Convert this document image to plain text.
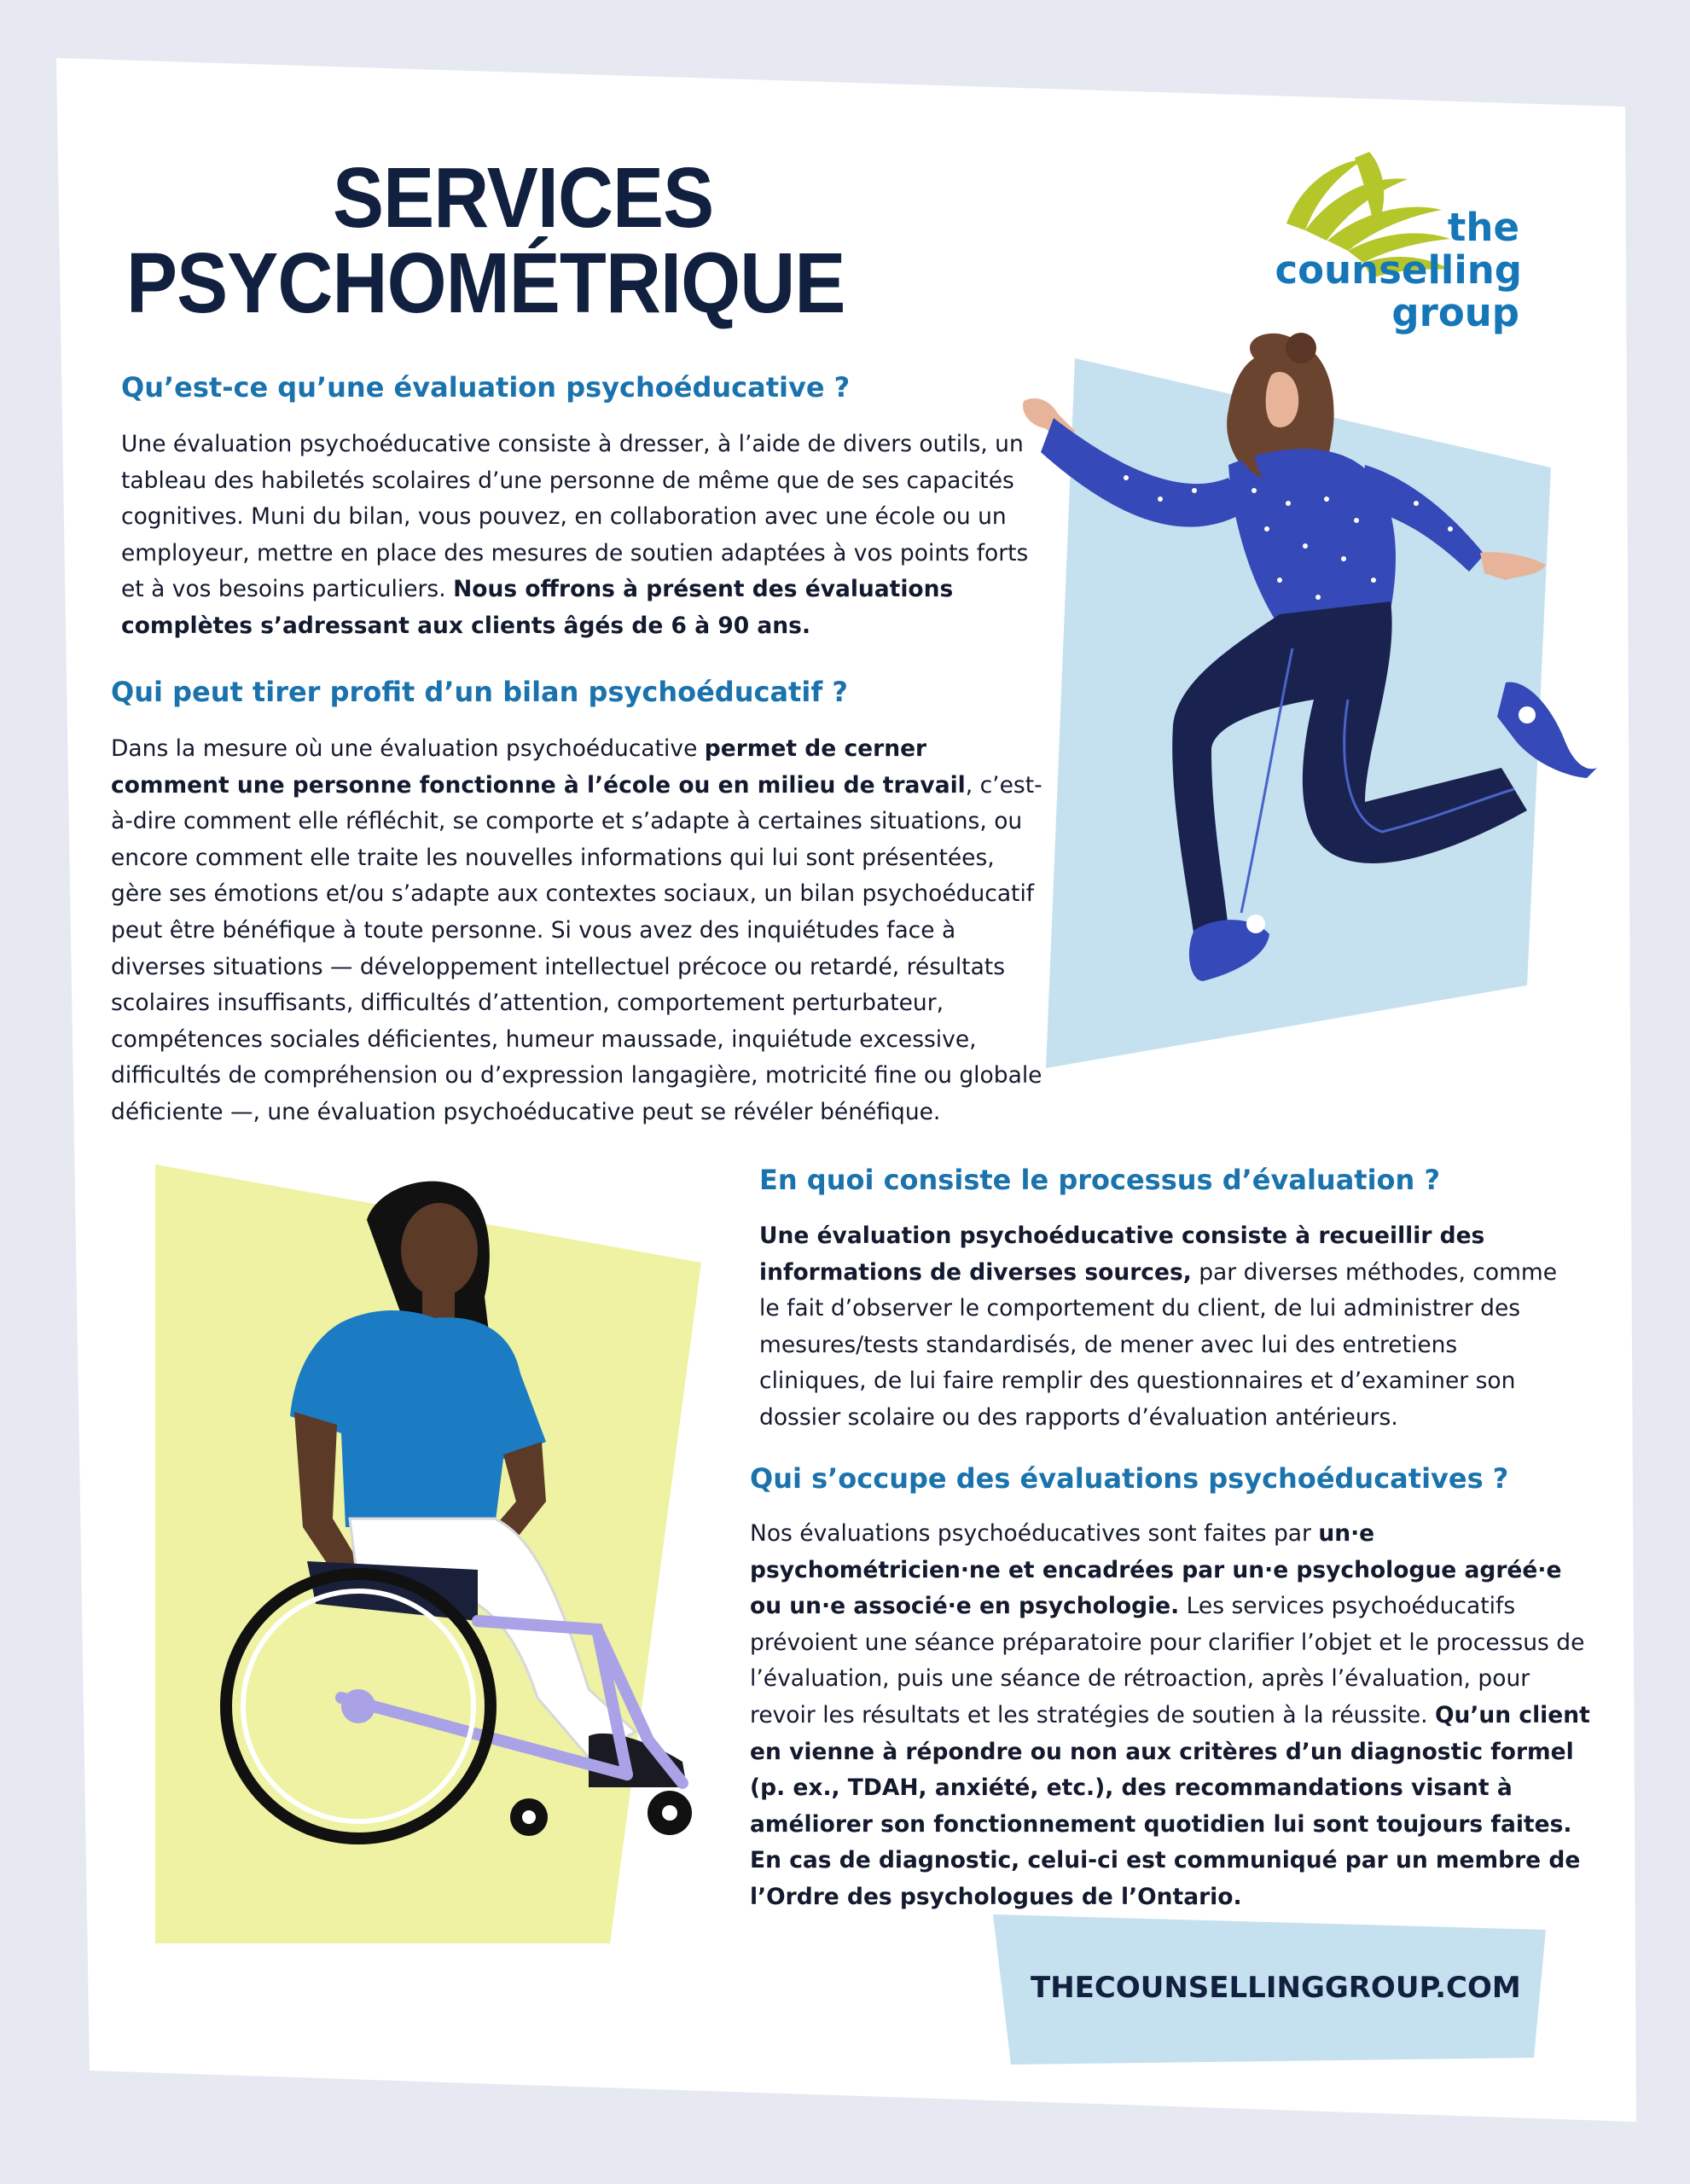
SERVICES
PSYCHOMÉTRIQUE

the

counselling

group

Qu’est-ce qu’une évaluation psychoéducative ?

Une évaluation psychoéducative consiste à dresser, à l’aide de divers outils, un tableau des habiletés scolaires d’une personne de même que de ses capacités cognitives. Muni du bilan, vous pouvez, en collaboration avec une école ou un employeur, mettre en place des mesures de soutien adaptées à vos points forts et à vos besoins particuliers. Nous offrons à présent des évaluations complètes s’adressant aux clients âgés de 6 à 90 ans.

Qui peut tirer profit d’un bilan psychoéducatif ?

Dans la mesure où une évaluation psychoéducative permet de cerner comment une personne fonctionne à l’école ou en milieu de travail, c’est-à-dire comment elle réfléchit, se comporte et s’adapte à certaines situations, ou encore comment elle traite les nouvelles informations qui lui sont présentées, gère ses émotions et/ou s’adapte aux contextes sociaux, un bilan psychoéducatif peut être bénéfique à toute personne. Si vous avez des inquiétudes face à diverses situations — développement intellectuel précoce ou retardé, résultats scolaires insuffisants, difficultés d’attention, comportement perturbateur, compétences sociales déficientes, humeur maussade, inquiétude excessive, difficultés de compréhension ou d’expression langagière, motricité fine ou globale déficiente —, une évaluation psychoéducative peut se révéler bénéfique.

En quoi consiste le processus d’évaluation ?

Une évaluation psychoéducative consiste à recueillir des informations de diverses sources, par diverses méthodes, comme le fait d’observer le comportement du client, de lui administrer des mesures/tests standardisés, de mener avec lui des entretiens cliniques, de lui faire remplir des questionnaires et d’examiner son dossier scolaire ou des rapports d’évaluation antérieurs.

Qui s’occupe des évaluations psychoéducatives ?

Nos évaluations psychoéducatives sont faites par un·e psychométricien·ne et encadrées par un·e psychologue agréé·e ou un·e associé·e en psychologie. Les services psychoéducatifs prévoient une séance préparatoire pour clarifier l’objet et le processus de l’évaluation, puis une séance de rétroaction, après l’évaluation, pour revoir les résultats et les stratégies de soutien à la réussite. Qu’un client en vienne à répondre ou non aux critères d’un diagnostic formel (p. ex., TDAH, anxiété, etc.), des recommandations visant à améliorer son fonctionnement quotidien lui sont toujours faites. En cas de diagnostic, celui-ci est communiqué par un membre de l’Ordre des psychologues de l’Ontario.

THECOUNSELLINGGROUP.COM
